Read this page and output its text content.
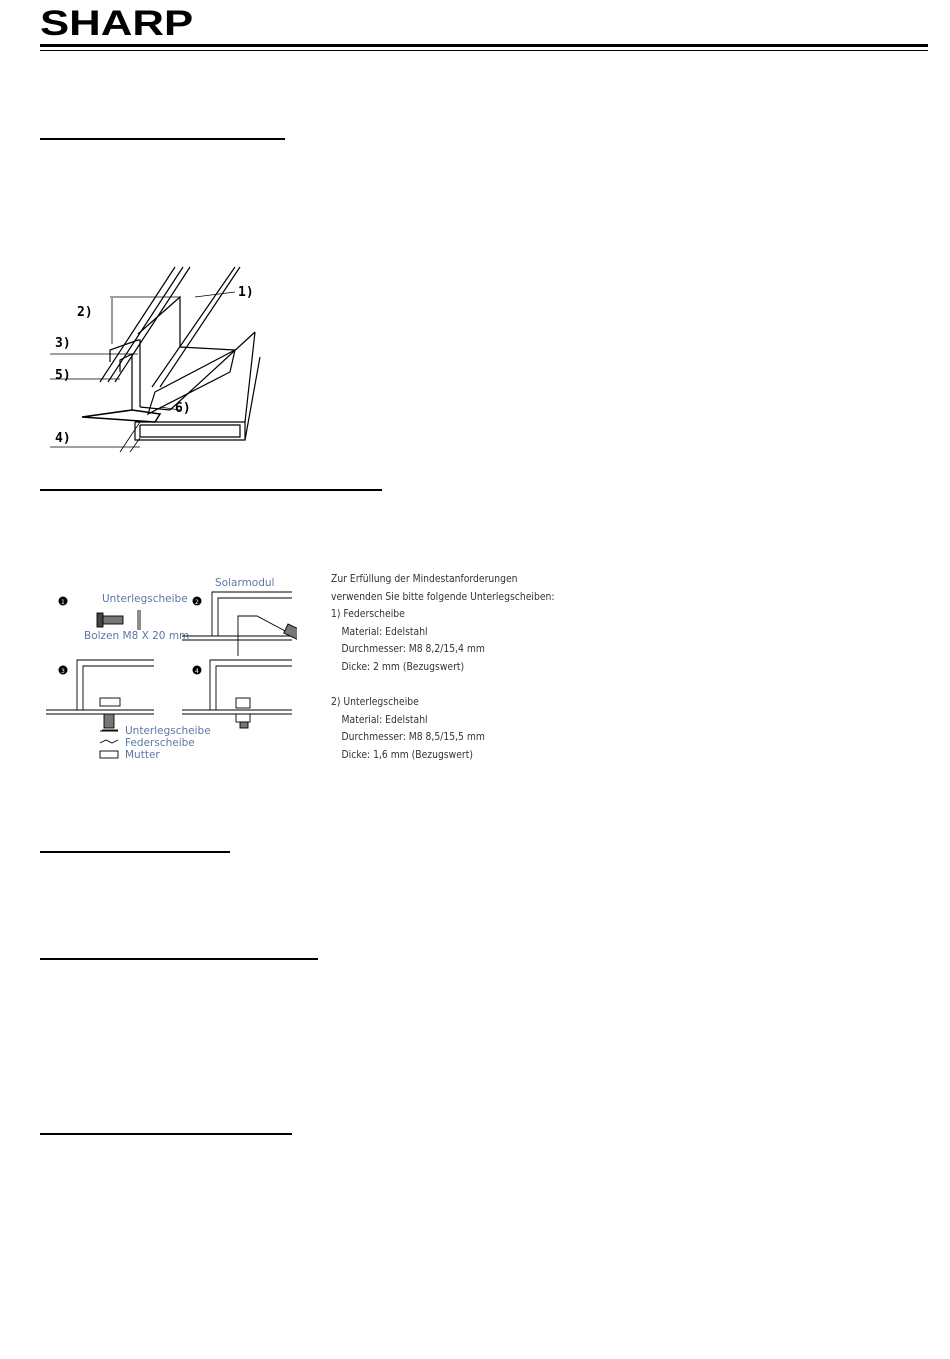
SHARP
1)
2)
3)
4)
5)
6)
1	2
3	4
Unterlegscheibe
Bolzen M8 X 20 mm
Solarmodul
Unterlegscheibe
Federscheibe
Mutter
Zur Erfüllung der Mindestanforderungen
verwenden Sie bitte folgende Unterlegscheiben:
1) Federscheibe
Material: Edelstahl
Durchmesser: M8 8,2/15,4 mm
Dicke: 2 mm (Bezugswert)
2) Unterlegscheibe
Material: Edelstahl
Durchmesser: M8 8,5/15,5 mm
Dicke: 1,6 mm (Bezugswert)
